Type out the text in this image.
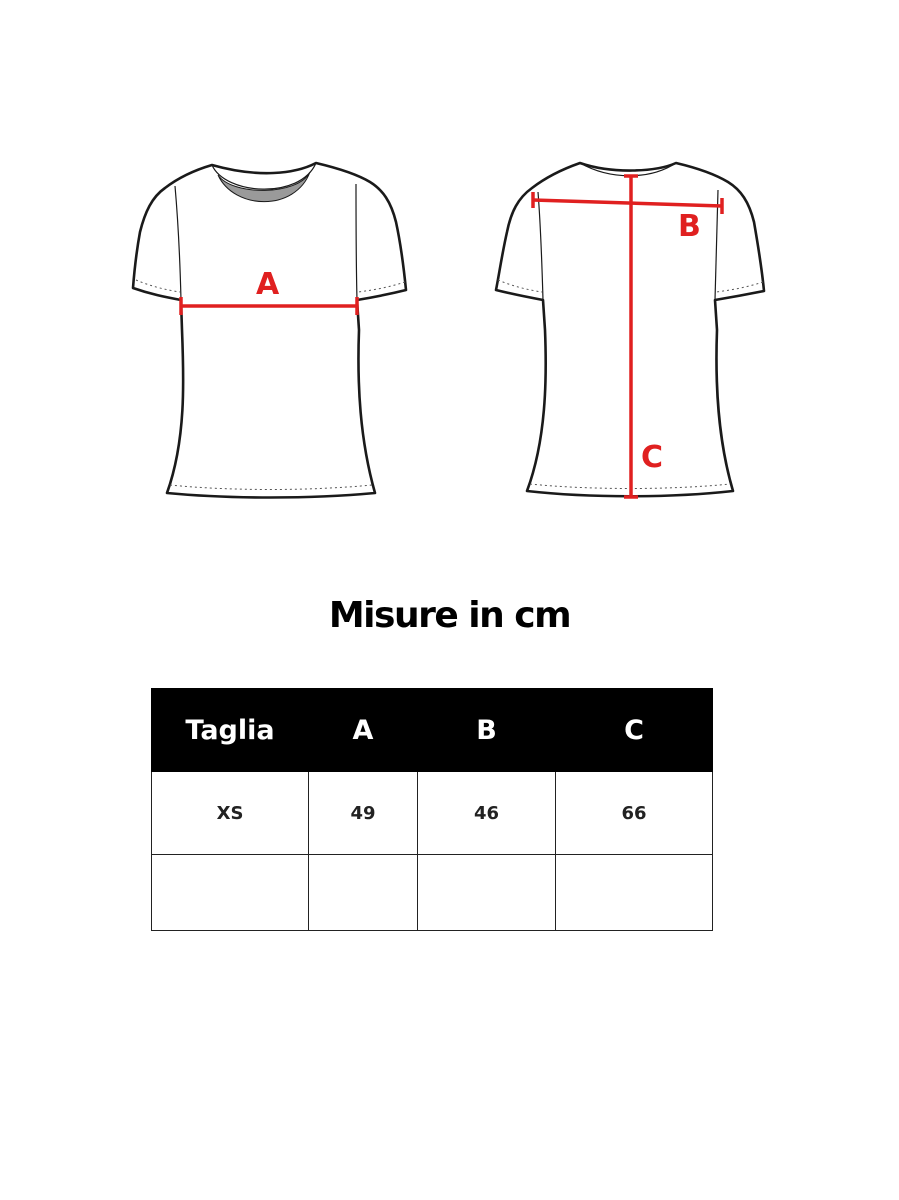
A
B
C
Misure in cm
Taglia	A	B	C
XS	49	46	66
